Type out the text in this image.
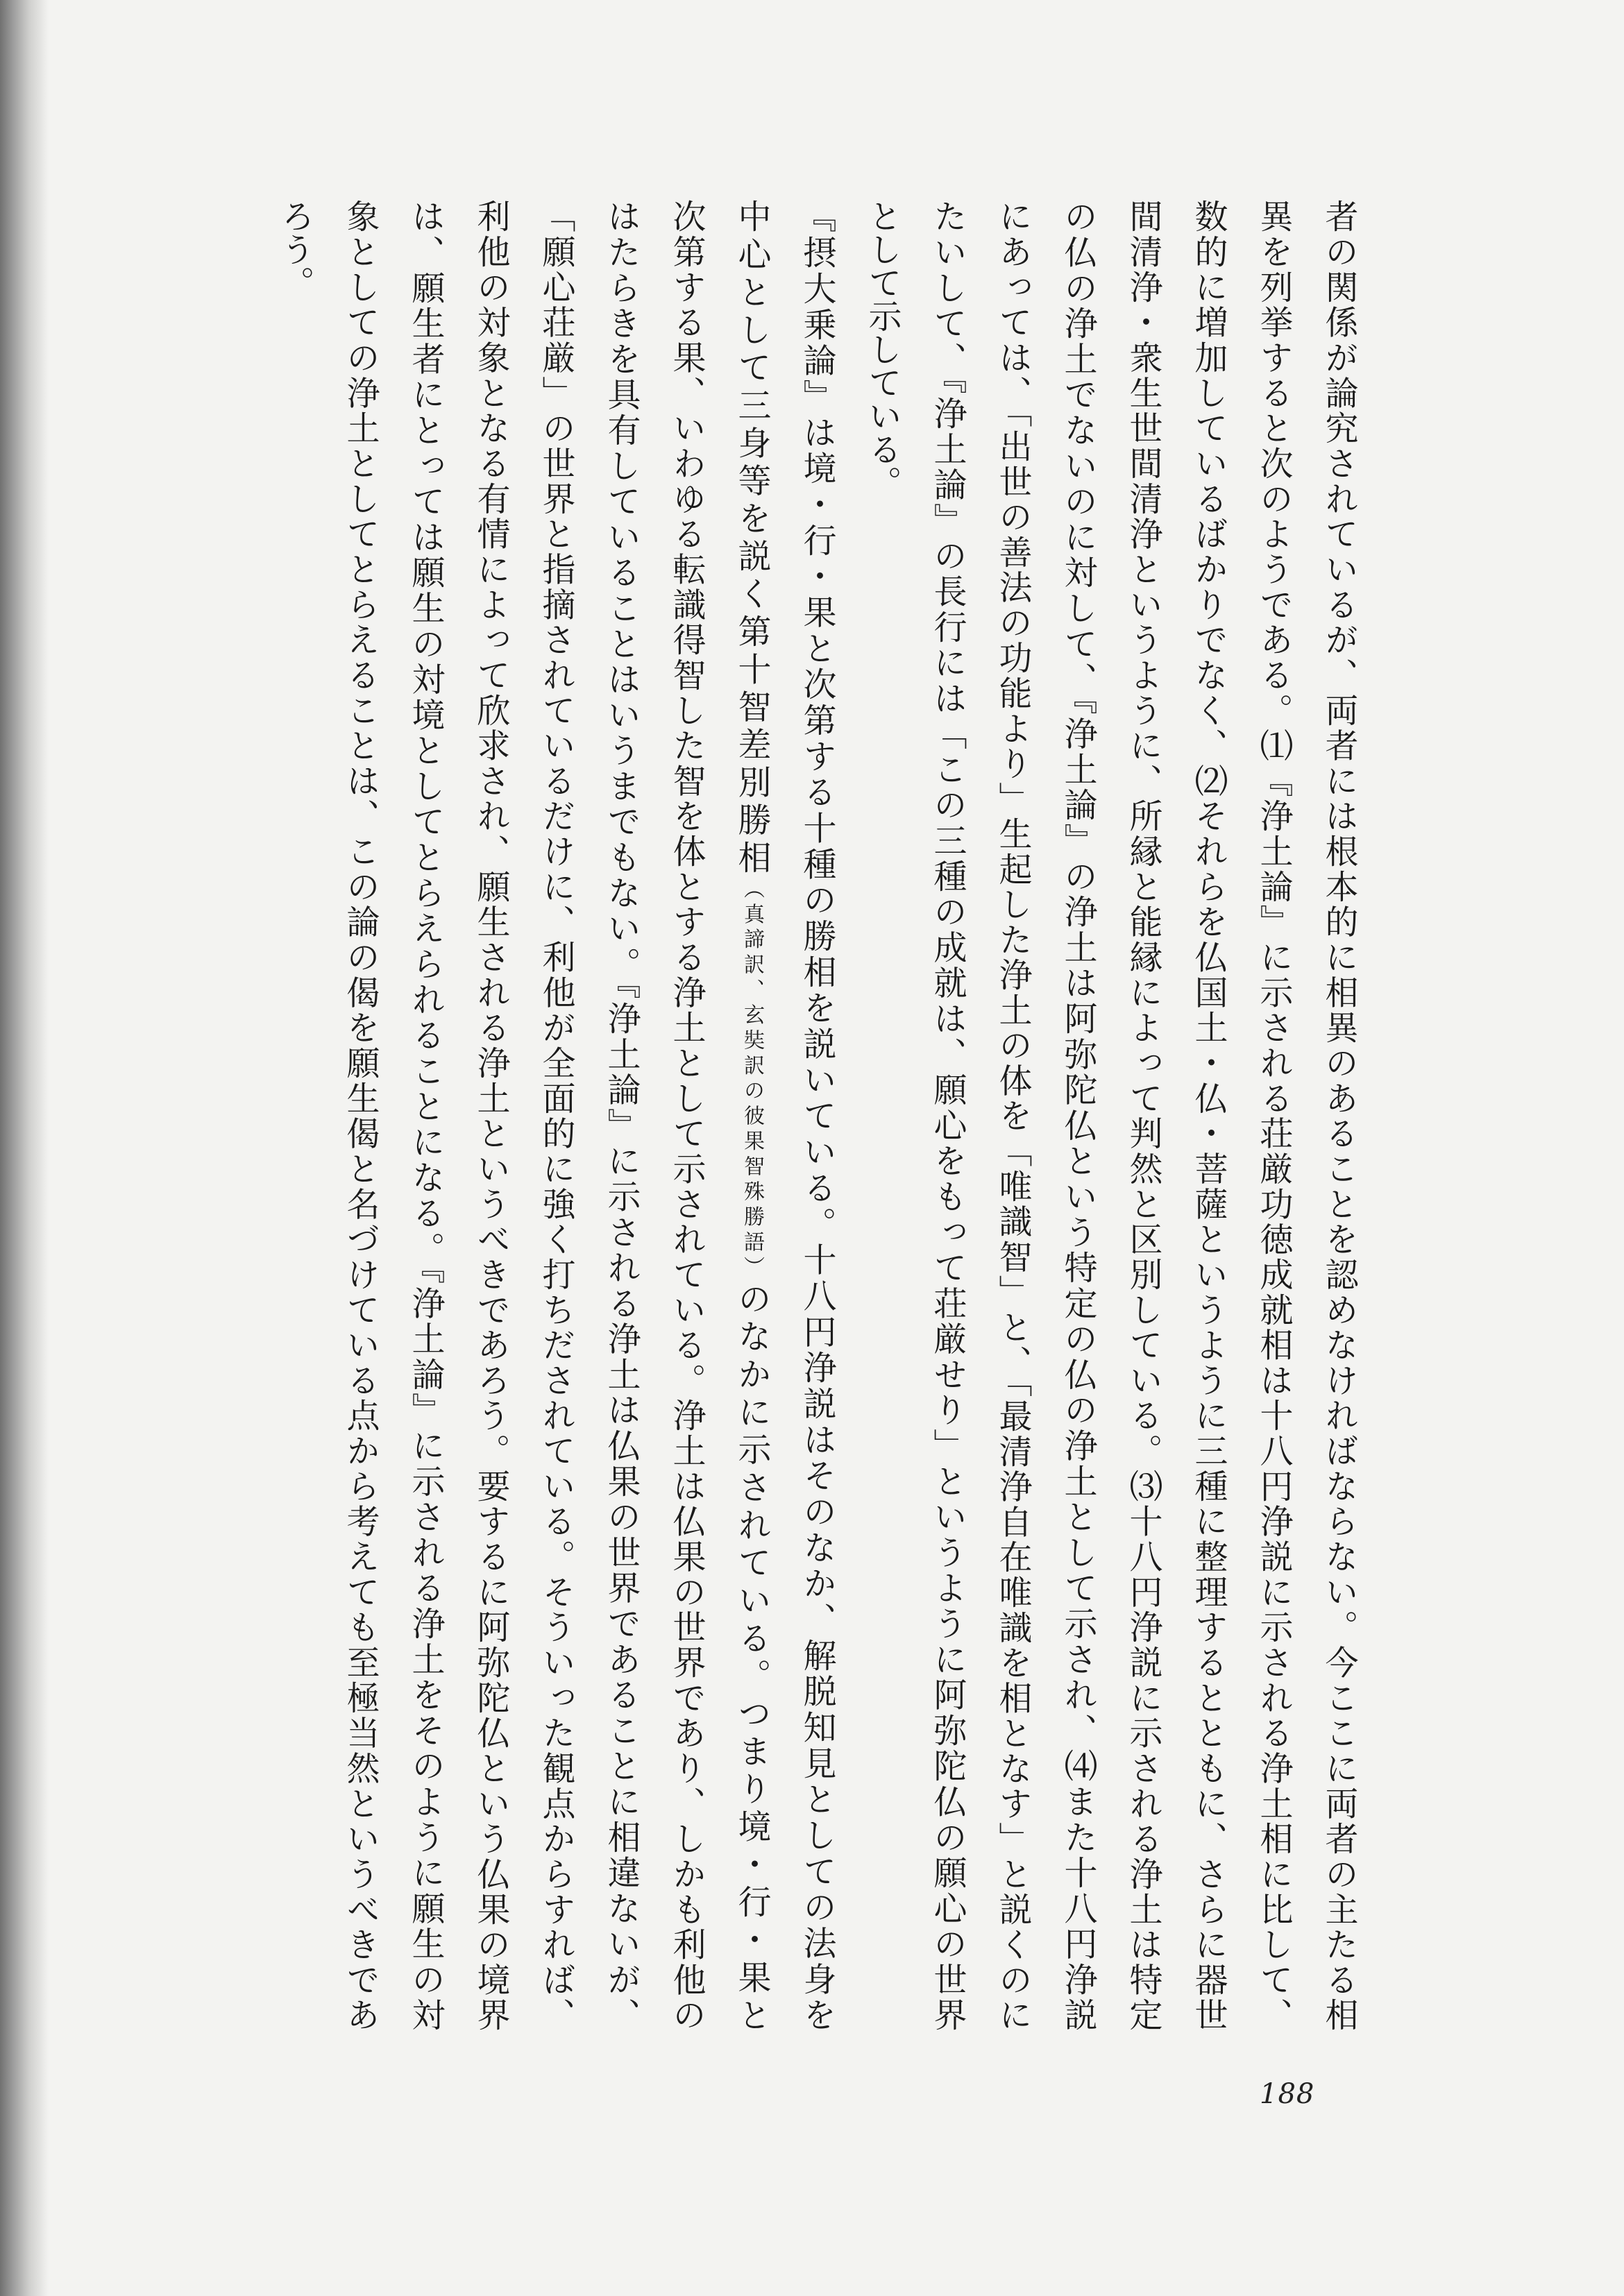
者の関係が論究されているが、両者には根本的に相異のあることを認めなければならない。今ここに両者の主たる相
異を列挙すると次のようである。⑴『浄土論』に示される荘厳功徳成就相は十八円浄説に示される浄土相に比して、
数的に増加しているばかりでなく、⑵それらを仏国土・仏・菩薩というように三種に整理するとともに、さらに器世
間清浄・衆生世間清浄というように、所縁と能縁によって判然と区別している。⑶十八円浄説に示される浄土は特定
の仏の浄土でないのに対して、『浄土論』の浄土は阿弥陀仏という特定の仏の浄土として示され、⑷また十八円浄説
にあっては、「出世の善法の功能より」生起した浄土の体を「唯識智」と、「最清浄自在唯識を相となす」と説くのに
たいして、『浄土論』の長行には「この三種の成就は、願心をもって荘厳せり」というように阿弥陀仏の願心の世界
として示している。
『摂大乗論』は境・行・果と次第する十種の勝相を説いている。十八円浄説はそのなか、解脱知見としての法身を
中心として三身等を説く第十智差別勝相（真諦訳、玄奘訳の彼果智殊勝語）のなかに示されている。つまり境・行・果と
次第する果、いわゆる転識得智した智を体とする浄土として示されている。浄土は仏果の世界であり、しかも利他の
はたらきを具有していることはいうまでもない。『浄土論』に示される浄土は仏果の世界であることに相違ないが、
「願心荘厳」の世界と指摘されているだけに、利他が全面的に強く打ちだされている。そういった観点からすれば、
利他の対象となる有情によって欣求され、願生される浄土というべきであろう。要するに阿弥陀仏という仏果の境界
は、願生者にとっては願生の対境としてとらえられることになる。『浄土論』に示される浄土をそのように願生の対
象としての浄土としてとらえることは、この論の偈を願生偈と名づけている点から考えても至極当然というべきであ
ろう。
188
